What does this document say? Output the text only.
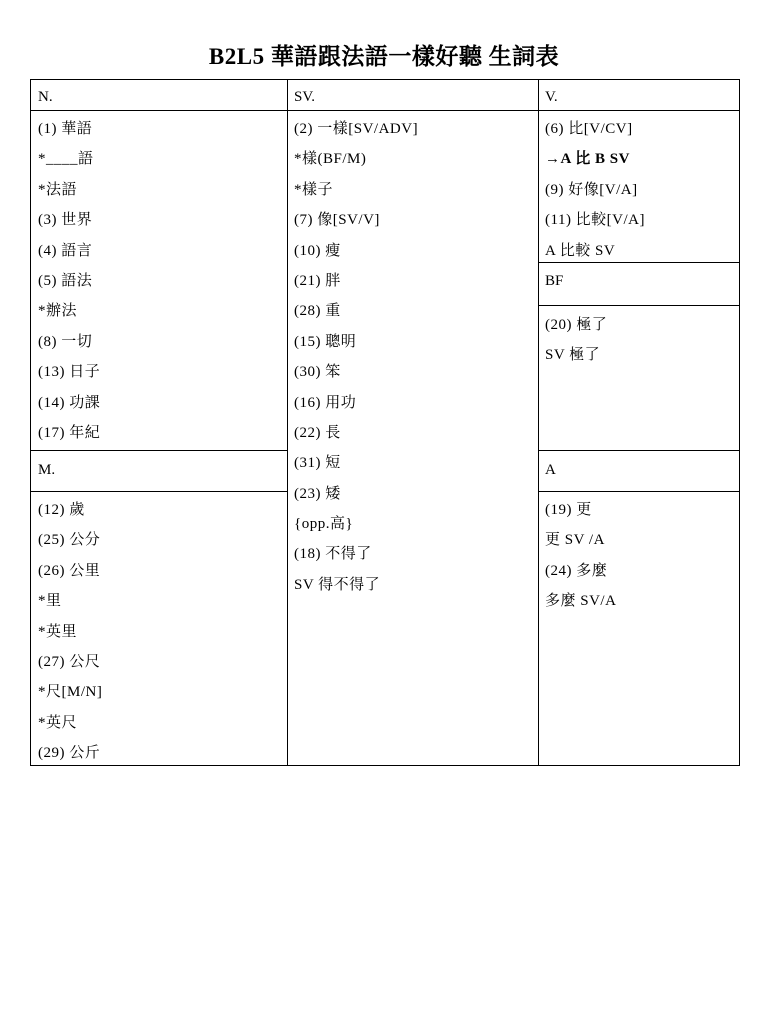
B2L5 華語跟法語一樣好聽 生詞表
N.	SV.	V.
M.
BF
A
(1) 華語
*____語
*法語
(3) 世界
(4) 語言
(5) 語法
*辦法
(8) 一切
(13) 日子
(14) 功課
(17) 年紀
(12) 歲
(25) 公分
(26) 公里
*里
*英里
(27) 公尺
*尺[M/N]
*英尺
(29) 公斤
(2) 一樣[SV/ADV]
*樣(BF/M)
*樣子
(7) 像[SV/V]
(10) 瘦
(21) 胖
(28) 重
(15) 聰明
(30) 笨
(16) 用功
(22) 長
(31) 短
(23) 矮
{opp.高}
(18) 不得了
SV 得不得了
(6) 比[V/CV]
→A 比 B SV
(9) 好像[V/A]
(11) 比較[V/A]
A 比較 SV
(20) 極了
SV 極了
(19) 更
更 SV /A
(24) 多麼
多麼 SV/A
